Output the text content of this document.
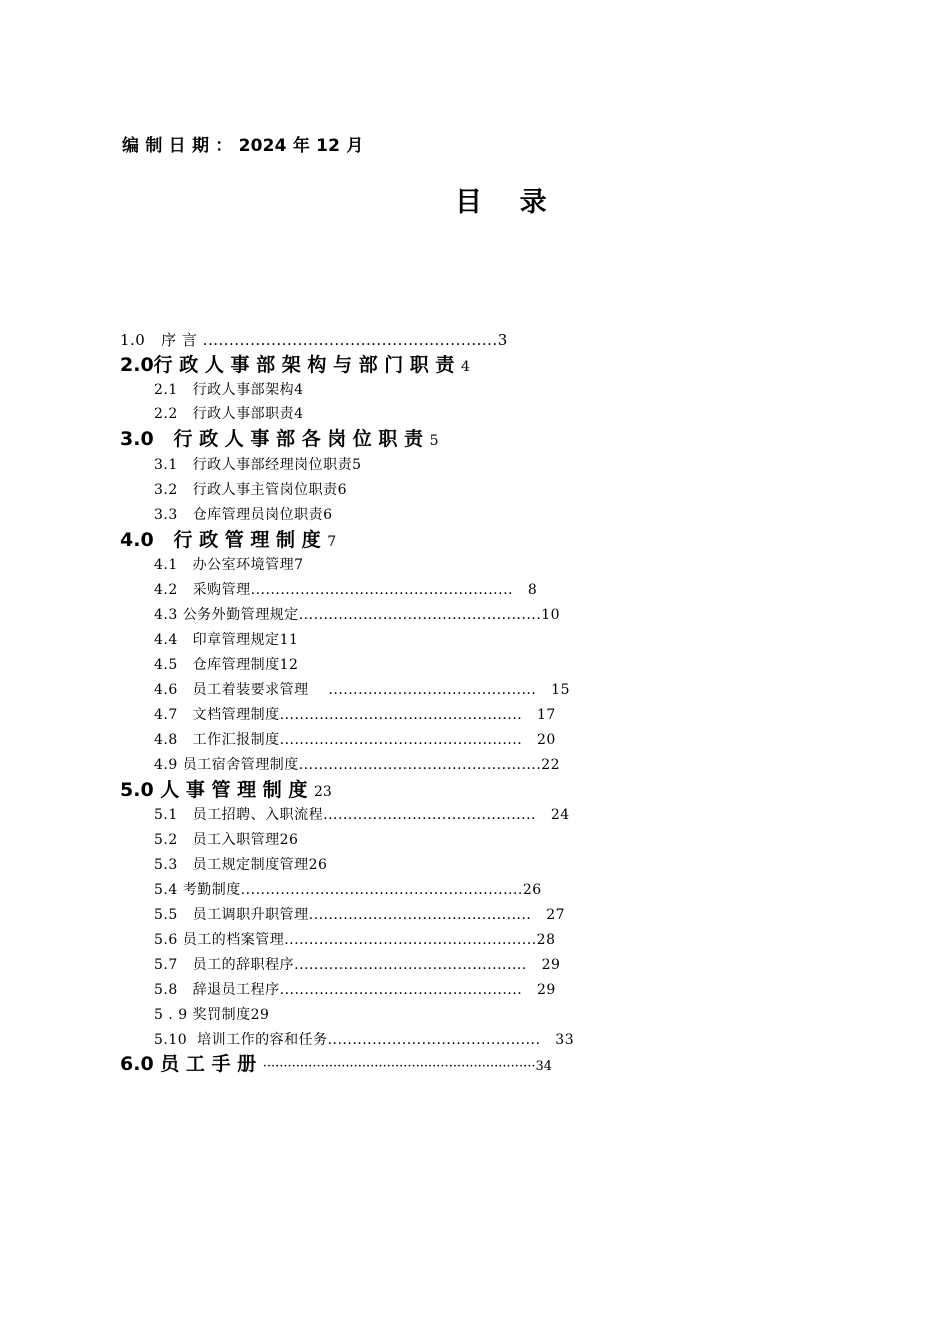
编 制 日 期 ： 2024 年 12 月
目    录
1.0   序 言 ........................................................3
2.0行 政 人 事 部 架 构 与 部 门 职 责 4
2.1   行政人事部架构4
2.2   行政人事部职责4
3.0   行 政 人 事 部 各 岗 位 职 责 5
3.1   行政人事部经理岗位职责5
3.2   行政人事主管岗位职责6
3.3   仓库管理员岗位职责6
4.0   行 政 管 理 制 度 7
4.1   办公室环境管理7
4.2   采购管理.....................................................   8
4.3 公务外勤管理规定.................................................10
4.4   印章管理规定11
4.5   仓库管理制度12
4.6   员工着装要求管理    ..........................................   15
4.7   文档管理制度.................................................   17
4.8   工作汇报制度.................................................   20
4.9 员工宿舍管理制度.................................................22
5.0 人 事 管 理 制 度 23
5.1   员工招聘、入职流程...........................................   24
5.2   员工入职管理26
5.3   员工规定制度管理26
5.4 考勤制度.........................................................26
5.5   员工调职升职管理.............................................   27
5.6 员工的档案管理...................................................28
5.7   员工的辞职程序...............................................   29
5.8   辞退员工程序.................................................   29
5 . 9 奖罚制度29
5.10  培训工作的容和任务...........................................   33
6.0 员 工 手 册 ··································································34
